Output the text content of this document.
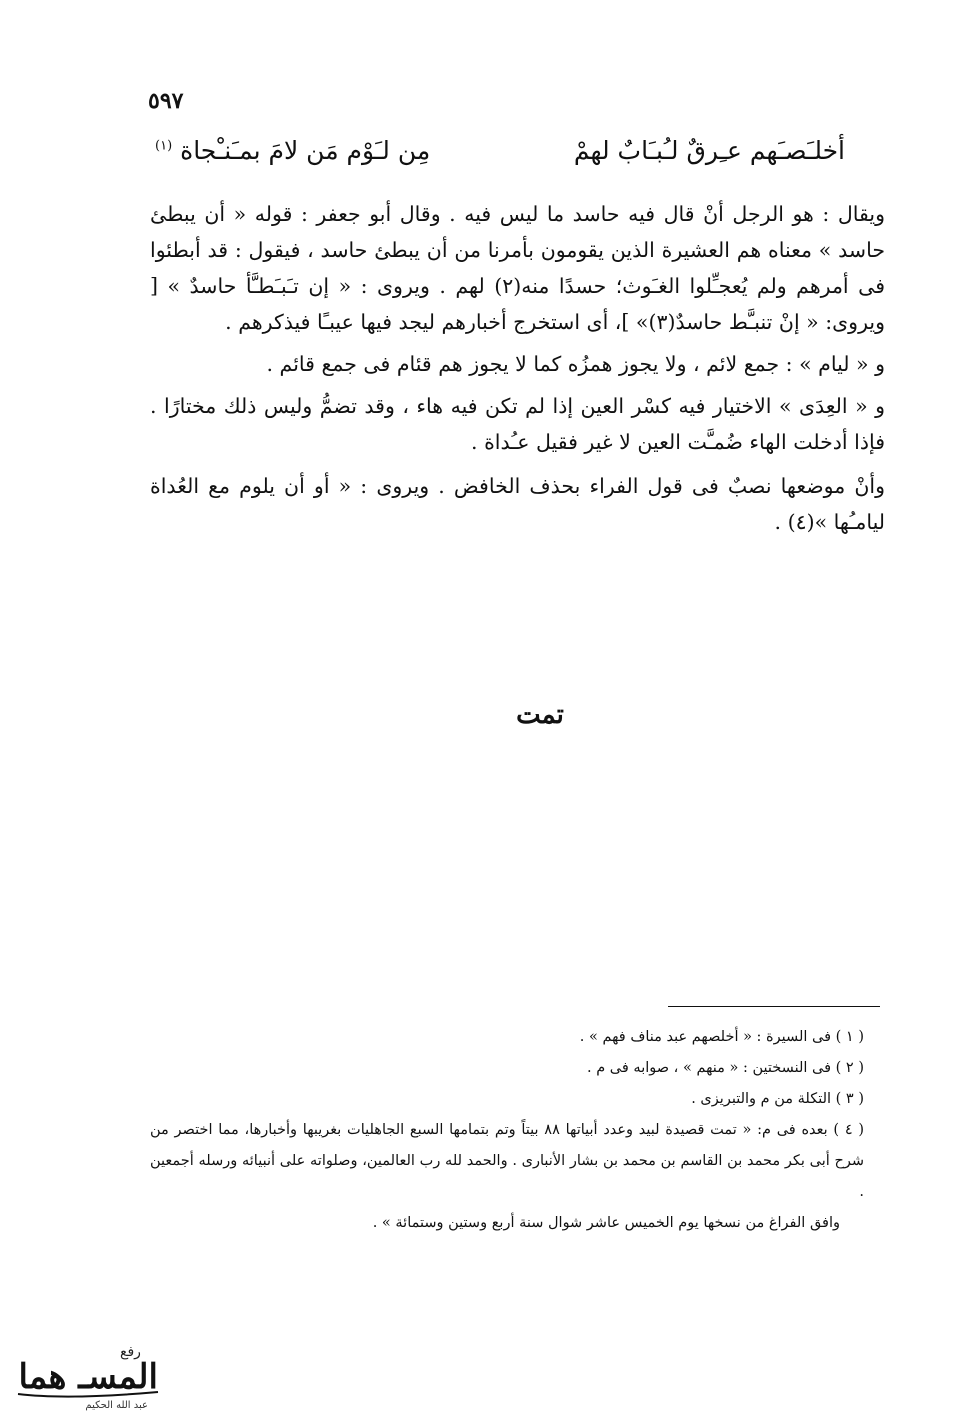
٥٩٧
أخلـَصـَهم عـِرقٌ لـُبـَابٌ لهمْ
مِن لـَوْم مَن لامَ بمـَنـْجاة $^{(١)}$

ويقال : هو الرجل أنْ قال فيه حاسد ما ليس فيه . وقال أبو جعفر : قوله « أن يبطئ حاسد » معناه هم العشيرة الذين يقومون بأمرنا من أن يبطئ حاسد ، فيقول : قد أبطئوا فى أمرهم ولم يُعجـِّلوا الغـَوث؛ حسدًا منه(٢) لهم . ويروى : « إن تـَبـَطـَّأ حاسدٌ » [ ويروى: « إنْ تنبـَّط حاسدٌ(٣)» ]، أى استخرج أخبارهم ليجد فيها عيبـًا فيذكرهم .

و « ليام » : جمع لائم ، ولا يجوز همزُه كما لا يجوز هم قئام فى جمع قائم .

و « العِدَى » الاختيار فيه كسْر العين إذا لم تكن فيه هاء ، وقد تضمُّ وليس ذلك مختارًا . فإذا أدخلت الهاء ضُمـَّت العين لا غير فقيل عـُداة .

وأنْ موضعها نصبٌ فى قول الفراء بحذف الخافض . ويروى : « أو أن يلوم مع العُداة ليامـُها »(٤) .

تمت

( ١ ) فى السيرة : « أخلصهم عبد مناف فهم » .

( ٢ ) فى النسختين : « منهم » ، صوابه فى م .

( ٣ ) التكلة من م والتبريزى .

( ٤ ) بعده فى م: « تمت قصيدة لبيد وعدد أبياتها ٨٨ بيتاً وتم بتمامها السبع الجاهليات بغريبها وأخبارها، مما اختصر من شرح أبى بكر محمد بن القاسم بن محمد بن بشار الأنبارى . والحمد لله رب العالمين، وصلواته على أنبيائه ورسله أجمعين .

وافق الفراغ من نسخها يوم الخميس عاشر شوال سنة أربع وستين وستمائة » .

رفع
المسـ هما
عبد الله الحكيم
